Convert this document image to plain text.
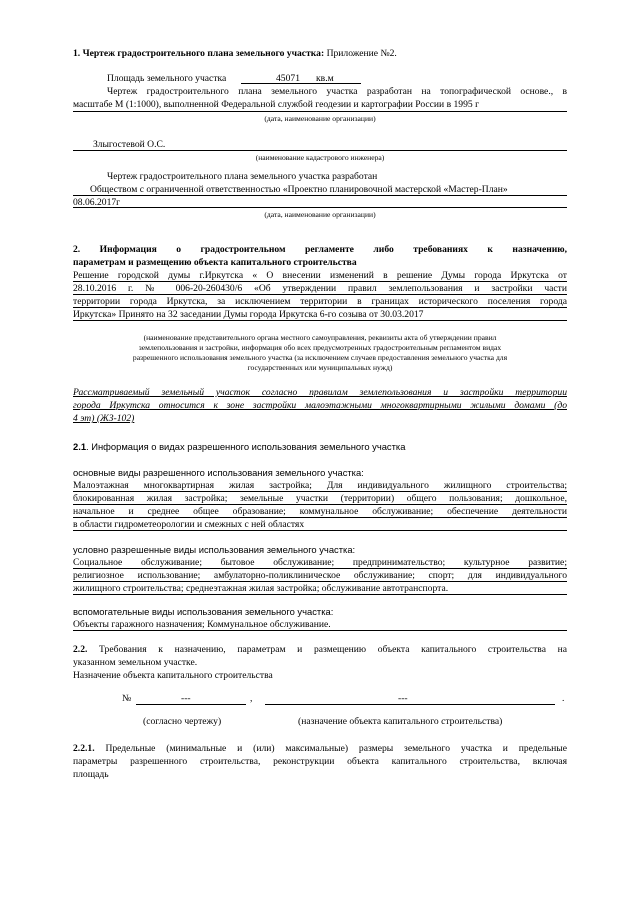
1. Чертеж градостроительного плана земельного участка: Приложение №2.
Площадь земельного участка	45071 кв.м
Чертеж градостроительного плана земельного участка разработан на топографической основе., в
масштабе М (1:1000), выполненной Федеральной службой геодезии и картографии России в 1995 г
(дата, наименование организации)
Злыгостевой О.С.
(наименование кадастрового инженера)
Чертеж градостроительного плана земельного участка разработан
Обществом с ограниченной ответственностью «Проектно планировочной мастерской «Мастер-План»
08.06.2017г
(дата, наименование организации)
2. Информация о градостроительном регламенте либо требованиях к назначению,
параметрам и размещению объекта капитального строительства
Решение городской думы г.Иркутска « О внесении изменений в решение Думы города Иркутска от
28.10.2016 г. № 006-20-260430/6 «Об утверждении правил землепользования и застройки части
территории города Иркутска, за исключением территории в границах исторического поселения города
Иркутска» Принято на 32 заседании Думы города Иркутска 6-го созыва от 30.03.2017
(наименование представительного органа местного самоуправления, реквизиты акта об утверждении правил
землепользования и застройки, информация обо всех предусмотренных градостроительным регламентом видах
разрешенного использования земельного участка (за исключением случаев предоставления земельного участка для
государственных или муниципальных нужд)
Рассматриваемый земельный участок согласно правилам землепользования и застройки территории
города Иркутска относится к зоне застройки малоэтажными многоквартирными жилыми домами (до
4 эт) (ЖЗ-102)
2.1. Информация о видах разрешенного использования земельного участка
основные виды разрешенного использования земельного участка:
Малоэтажная многоквартирная жилая застройка; Для индивидуального жилищного строительства;
блокированная жилая застройка; земельные участки (территории) общего пользования; дошкольное,
начальное и среднее общее образование; коммунальное обслуживание; обеспечение деятельности
в области гидрометеорологии и смежных с ней областях
условно разрешенные виды использования земельного участка:
Социальное обслуживание; бытовое обслуживание; предпринимательство; культурное развитие;
религиозное использование; амбулаторно-поликлиническое обслуживание; спорт; для индивидуального
жилищного строительства; среднеэтажная жилая застройка; обслуживание автотранспорта.
вспомогательные виды использования земельного участка:
Объекты гаражного назначения; Коммунальное обслуживание.
2.2. Требования к назначению, параметрам и размещению объекта капитального строительства на
указанном земельном участке.
Назначение объекта капитального строительства
№	---	,	---	.
(согласно чертежу)	(назначение объекта капитального строительства)
2.2.1. Предельные (минимальные и (или) максимальные) размеры земельного участка и предельные
параметры разрешенного строительства, реконструкции объекта капитального строительства, включая
площадь
